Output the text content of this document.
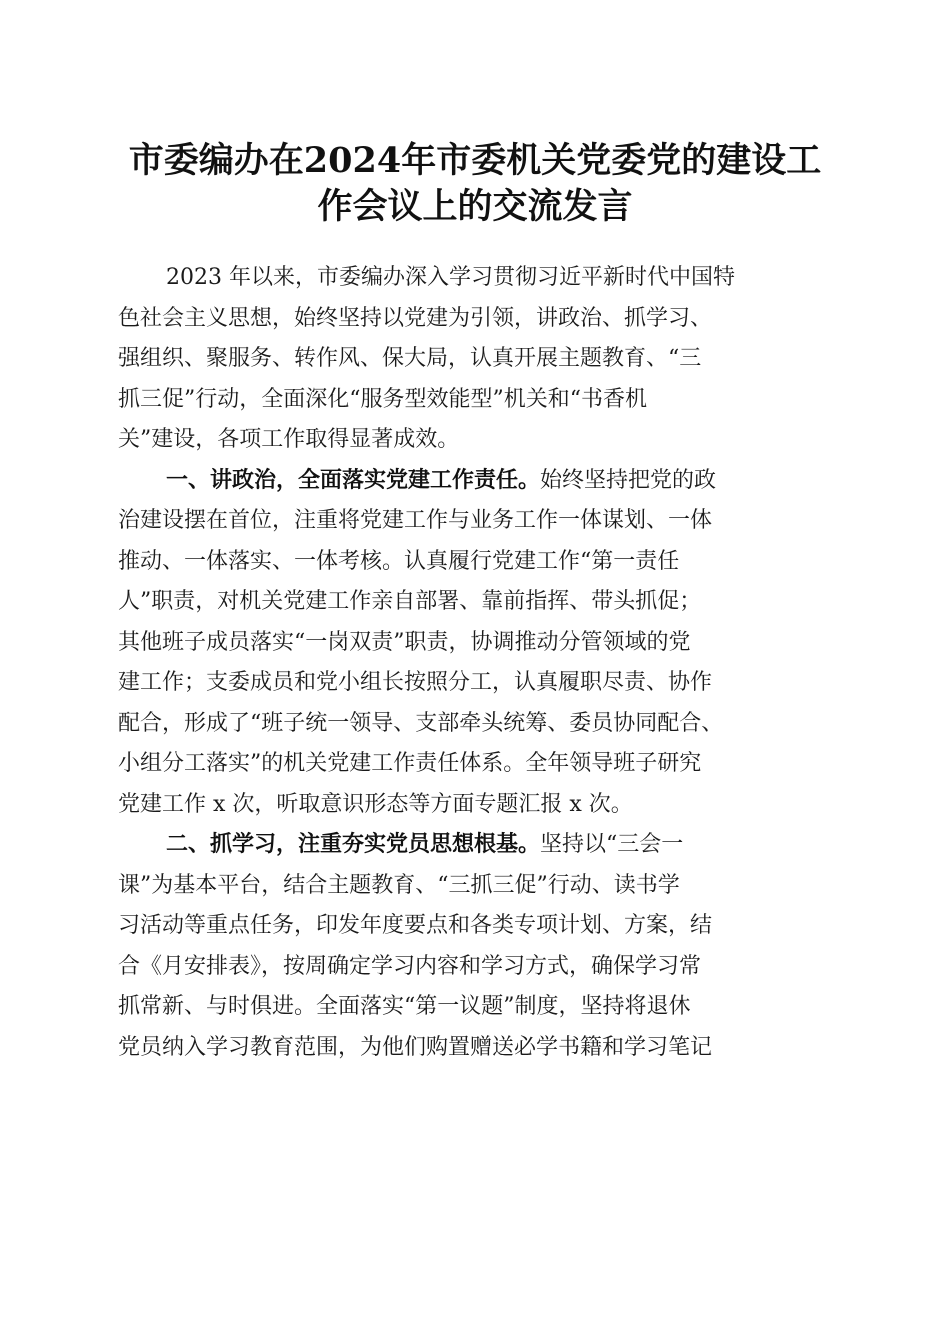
市委编办在2024年市委机关党委党的建设工
作会议上的交流发言
2023 年以来，市委编办深入学习贯彻习近平新时代中国特
色社会主义思想，始终坚持以党建为引领，讲政治、抓学习、
强组织、聚服务、转作风、保大局，认真开展主题教育、“三
抓三促”行动，全面深化“服务型效能型”机关和“书香机
关”建设，各项工作取得显著成效。
一、讲政治，全面落实党建工作责任。始终坚持把党的政
治建设摆在首位，注重将党建工作与业务工作一体谋划、一体
推动、一体落实、一体考核。认真履行党建工作“第一责任
人”职责，对机关党建工作亲自部署、靠前指挥、带头抓促；
其他班子成员落实“一岗双责”职责，协调推动分管领域的党
建工作；支委成员和党小组长按照分工，认真履职尽责、协作
配合，形成了“班子统一领导、支部牵头统筹、委员协同配合、
小组分工落实”的机关党建工作责任体系。全年领导班子研究
党建工作 x 次，听取意识形态等方面专题汇报 x 次。
二、抓学习，注重夯实党员思想根基。坚持以“三会一
课”为基本平台，结合主题教育、“三抓三促”行动、读书学
习活动等重点任务，印发年度要点和各类专项计划、方案，结
合《月安排表》，按周确定学习内容和学习方式，确保学习常
抓常新、与时俱进。全面落实“第一议题”制度，坚持将退休
党员纳入学习教育范围，为他们购置赠送必学书籍和学习笔记
